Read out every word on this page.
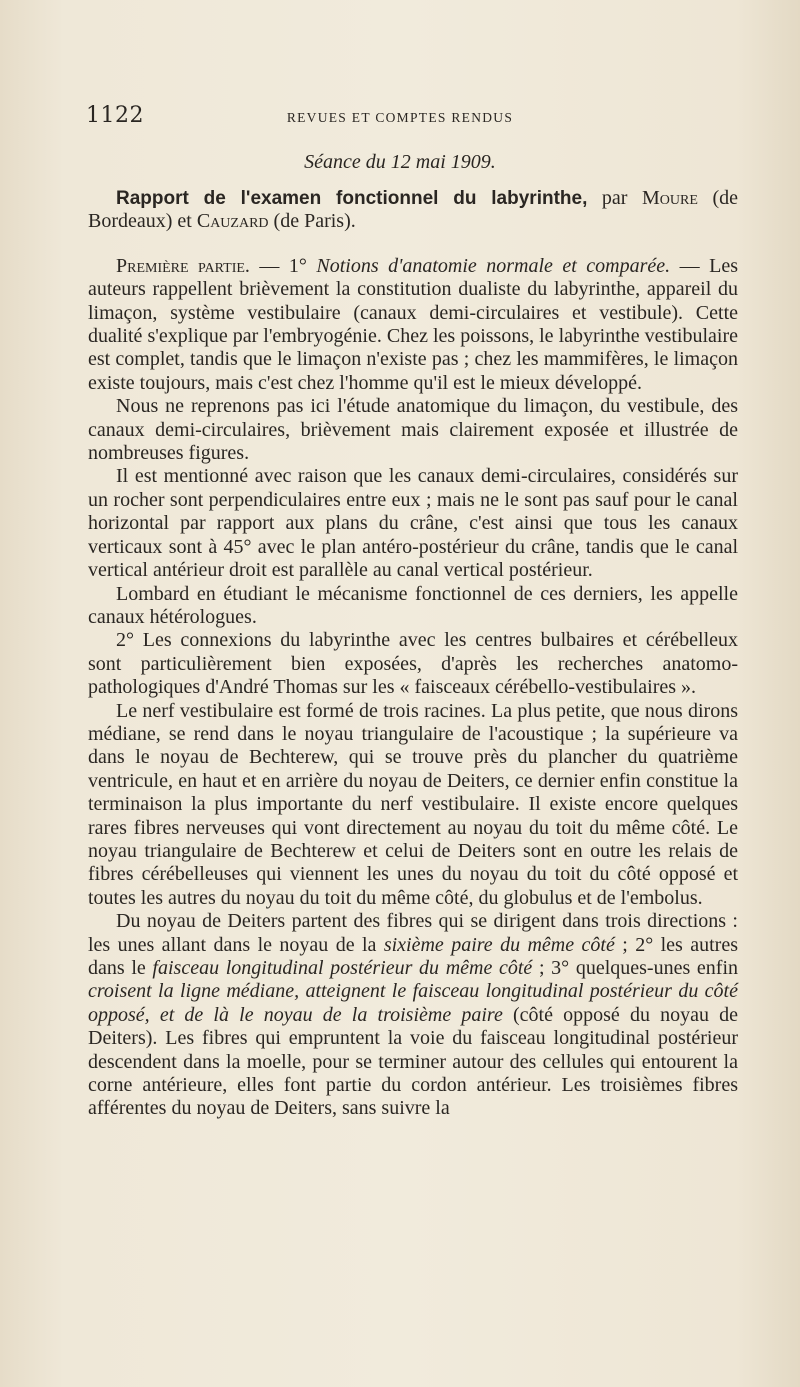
1122	REVUES ET COMPTES RENDUS
Séance du 12 mai 1909.

Rapport de l'examen fonctionnel du labyrinthe, par Moure (de Bordeaux) et Cauzard (de Paris).

Première partie. — 1° Notions d'anatomie normale et comparée. — Les auteurs rappellent brièvement la constitution dualiste du labyrinthe, appareil du limaçon, système vestibulaire (canaux demi-circulaires et vestibule). Cette dualité s'explique par l'embryogénie. Chez les poissons, le labyrinthe vestibulaire est complet, tandis que le limaçon n'existe pas ; chez les mammifères, le limaçon existe toujours, mais c'est chez l'homme qu'il est le mieux développé.

Nous ne reprenons pas ici l'étude anatomique du limaçon, du vestibule, des canaux demi-circulaires, brièvement mais clairement exposée et illustrée de nombreuses figures.

Il est mentionné avec raison que les canaux demi-circulaires, considérés sur un rocher sont perpendiculaires entre eux ; mais ne le sont pas sauf pour le canal horizontal par rapport aux plans du crâne, c'est ainsi que tous les canaux verticaux sont à 45° avec le plan antéro-postérieur du crâne, tandis que le canal vertical antérieur droit est parallèle au canal vertical postérieur.

Lombard en étudiant le mécanisme fonctionnel de ces derniers, les appelle canaux hétérologues.

2° Les connexions du labyrinthe avec les centres bulbaires et cérébelleux sont particulièrement bien exposées, d'après les recherches anatomo-pathologiques d'André Thomas sur les « faisceaux cérébello-vestibulaires ».

Le nerf vestibulaire est formé de trois racines. La plus petite, que nous dirons médiane, se rend dans le noyau triangulaire de l'acoustique ; la supérieure va dans le noyau de Bechterew, qui se trouve près du plancher du quatrième ventricule, en haut et en arrière du noyau de Deiters, ce dernier enfin constitue la terminaison la plus importante du nerf vestibulaire. Il existe encore quelques rares fibres nerveuses qui vont directement au noyau du toit du même côté. Le noyau triangulaire de Bechterew et celui de Deiters sont en outre les relais de fibres cérébelleuses qui viennent les unes du noyau du toit du côté opposé et toutes les autres du noyau du toit du même côté, du globulus et de l'embolus.

Du noyau de Deiters partent des fibres qui se dirigent dans trois directions : les unes allant dans le noyau de la sixième paire du même côté ; 2° les autres dans le faisceau longitudinal postérieur du même côté ; 3° quelques-unes enfin croisent la ligne médiane, atteignent le faisceau longitudinal postérieur du côté opposé, et de là le noyau de la troisième paire (côté opposé du noyau de Deiters). Les fibres qui empruntent la voie du faisceau longitudinal postérieur descendent dans la moelle, pour se terminer autour des cellules qui entourent la corne antérieure, elles font partie du cordon antérieur. Les troisièmes fibres afférentes du noyau de Deiters, sans suivre la
